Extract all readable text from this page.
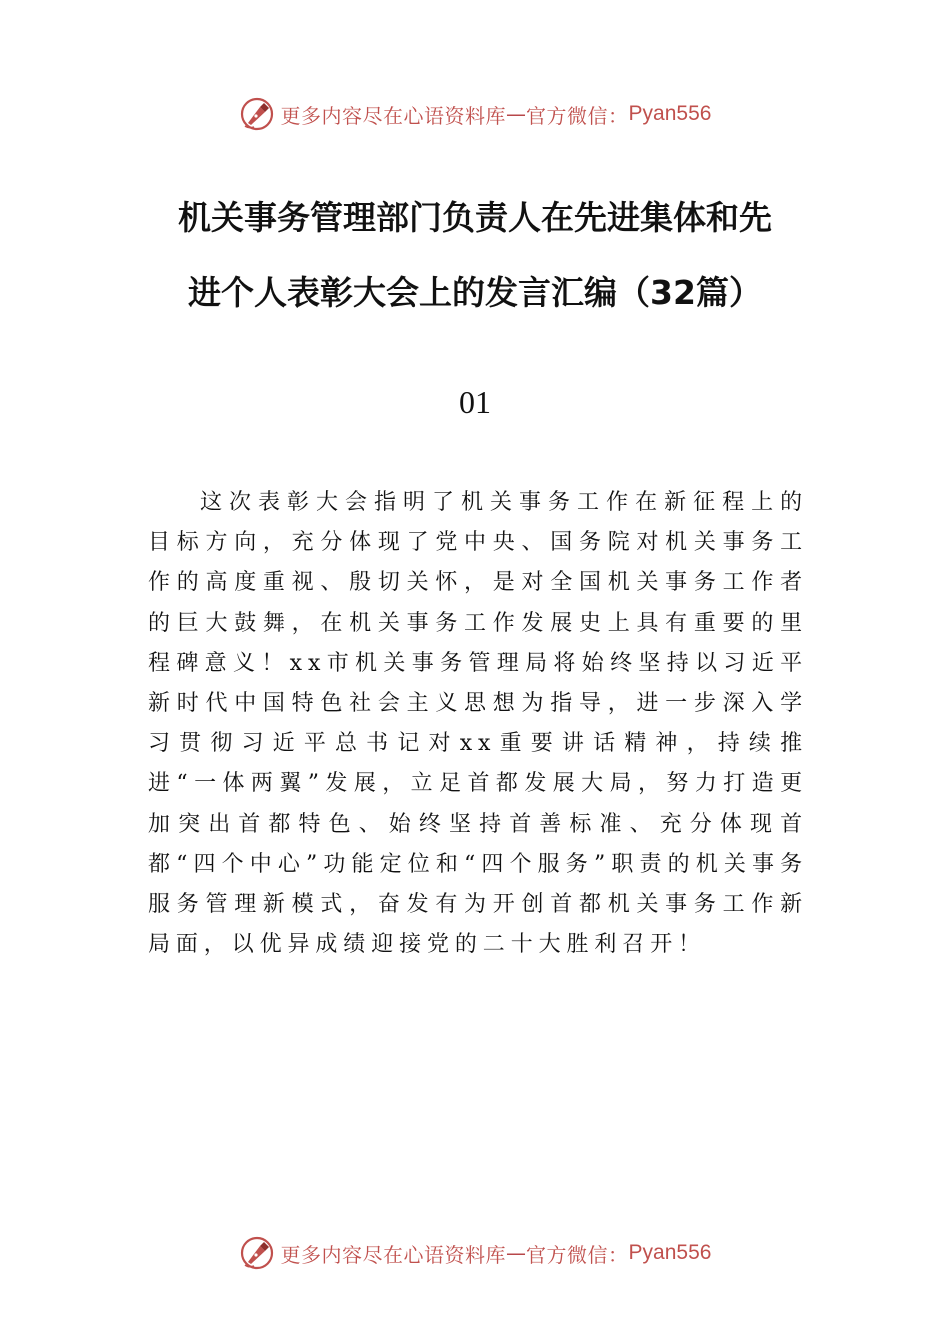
更多内容尽在心语资料库 — 官方微信： Pyan556
机关事务管理部门负责人在先进集体和先
进个人表彰大会上的发言汇编（32篇）
01

这次表彰大会指明了机关事务工作在新征程上的目标方向，充分体现了党中央、国务院对机关事务工作的高度重视、殷切关怀，是对全国机关事务工作者的巨大鼓舞，在机关事务工作发展史上具有重要的里程碑意义！xx市机关事务管理局将始终坚持以习近平新时代中国特色社会主义思想为指导，进一步深入学习贯彻习近平总书记对xx重要讲话精神，持续推进“一体两翼”发展，立足首都发展大局，努力打造更加突出首都特色、始终坚持首善标准、充分体现首都“四个中心”功能定位和“四个服务”职责的机关事务服务管理新模式，奋发有为开创首都机关事务工作新局面，以优异成绩迎接党的二十大胜利召开！

更多内容尽在心语资料库 — 官方微信： Pyan556
